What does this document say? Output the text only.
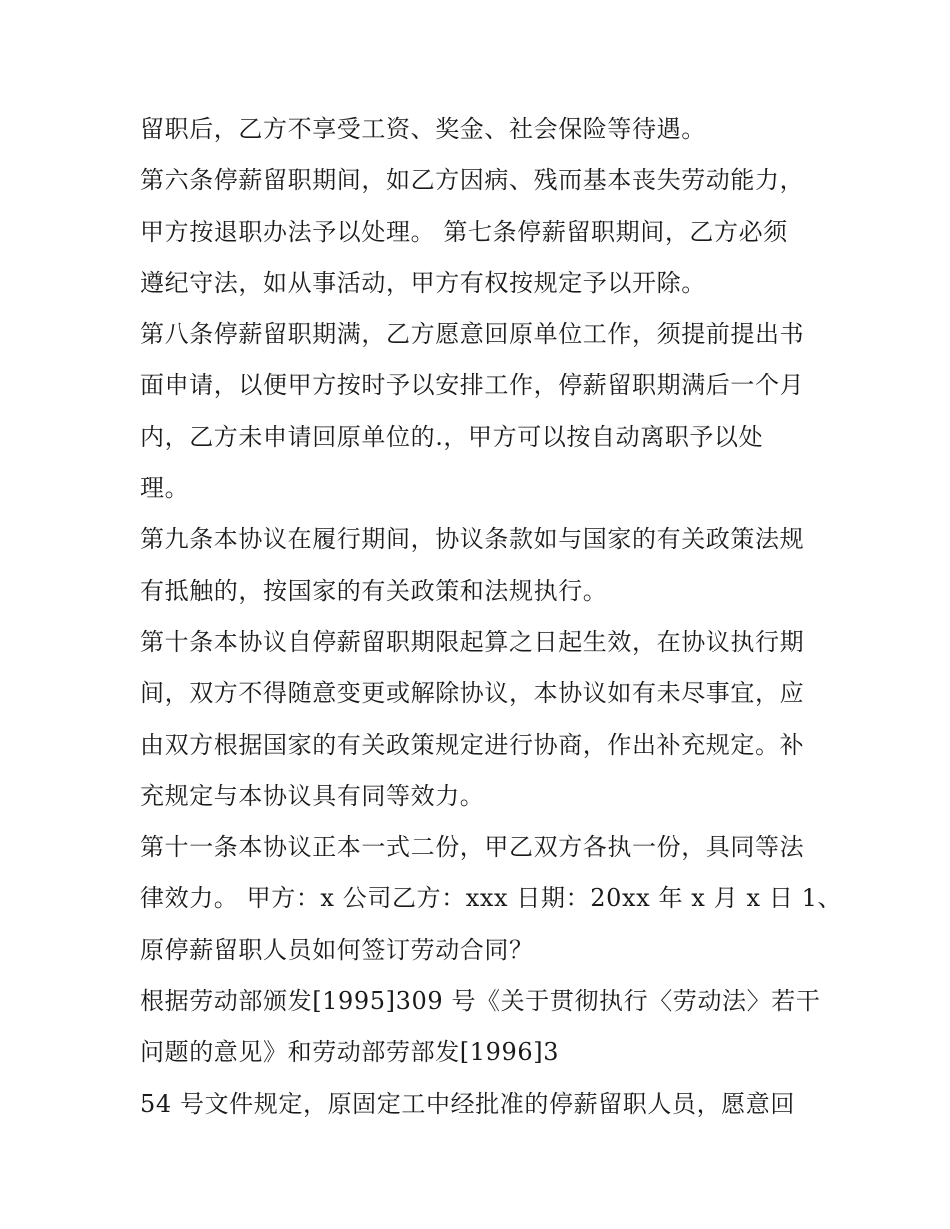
留职后，乙方不享受工资、奖金、社会保险等待遇。
第六条停薪留职期间，如乙方因病、残而基本丧失劳动能力，
甲方按退职办法予以处理。 第七条停薪留职期间，乙方必须
遵纪守法，如从事活动，甲方有权按规定予以开除。
第八条停薪留职期满，乙方愿意回原单位工作，须提前提出书
面申请，以便甲方按时予以安排工作，停薪留职期满后一个月
内，乙方未申请回原单位的.，甲方可以按自动离职予以处
理。
第九条本协议在履行期间，协议条款如与国家的有关政策法规
有抵触的，按国家的有关政策和法规执行。
第十条本协议自停薪留职期限起算之日起生效，在协议执行期
间，双方不得随意变更或解除协议，本协议如有未尽事宜，应
由双方根据国家的有关政策规定进行协商，作出补充规定。补
充规定与本协议具有同等效力。
第十一条本协议正本一式二份，甲乙双方各执一份，具同等法
律效力。 甲方：x 公司乙方：xxx 日期：20xx 年 x 月 x 日 1、
原停薪留职人员如何签订劳动合同？
根据劳动部颁发[1995]309 号《关于贯彻执行〈劳动法〉若干
问题的意见》和劳动部劳部发[1996]3
54 号文件规定，原固定工中经批准的停薪留职人员，愿意回
